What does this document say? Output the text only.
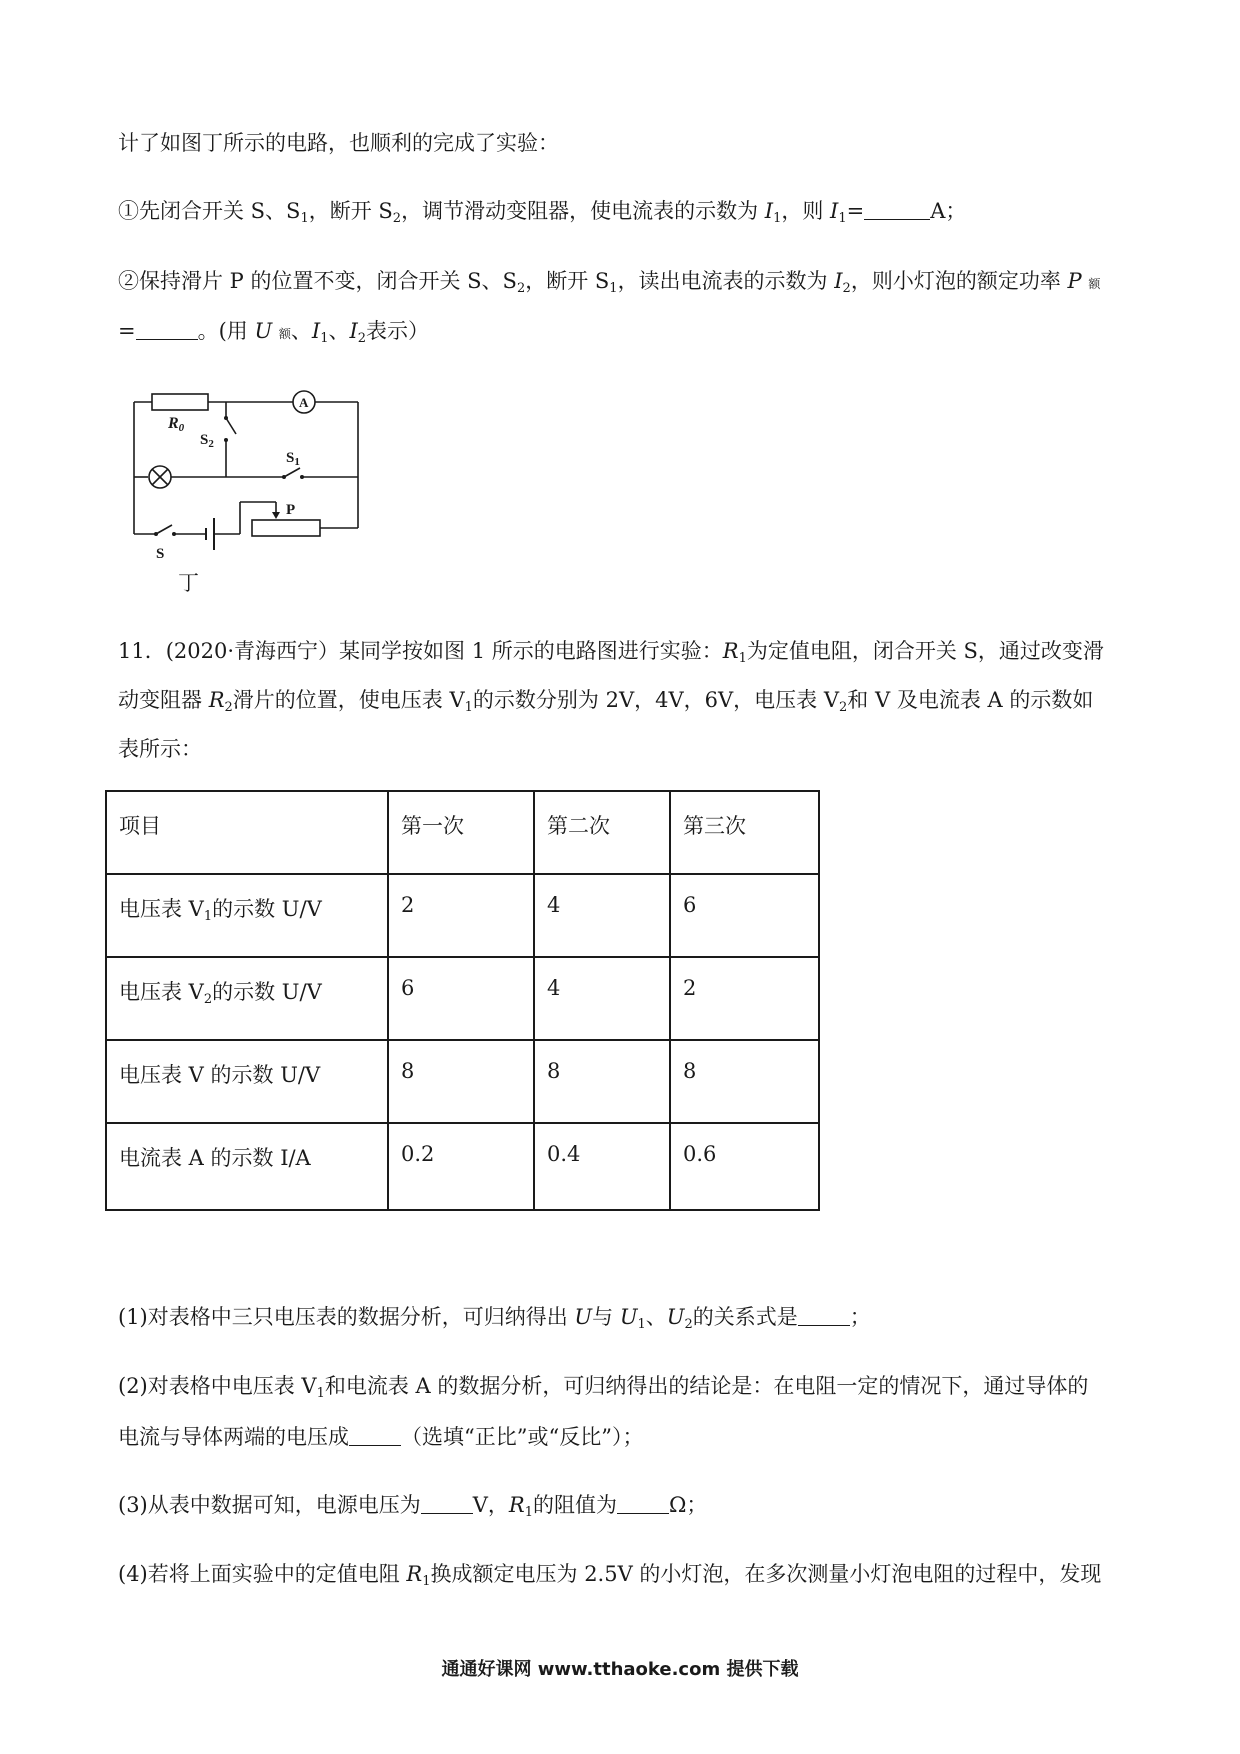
计了如图丁所示的电路，也顺利的完成了实验：
①先闭合开关 S、$S_1$，断开 $S_2$，调节滑动变阻器，使电流表的示数为 $I_1$，则 $I_1=$	A；
②保持滑片 P 的位置不变，闭合开关 S、$S_2$，断开 $S_1$，读出电流表的示数为 $I_2$，则小灯泡的额定功率 P 额
=	。(用 U 额、$I_1$、$I_2$表示）
R0
$S_2$
$S_1$
A
P
S
丁
11．(2020·青海西宁）某同学按如图 1 所示的电路图进行实验：$R_1$为定值电阻，闭合开关 S，通过改变滑
动变阻器 $R_2$滑片的位置，使电压表 $V_1$的示数分别为 2V，4V，6V，电压表 $V_2$和 V 及电流表 A 的示数如
表所示：
项目	第一次	第二次	第三次
电压表 $V_1$的示数 U/V	2	4	6
电压表 $V_2$的示数 U/V	6	4	2
电压表 V 的示数 U/V	8	8	8
电流表 A 的示数 I/A	0.2	0.4	0.6
(1)对表格中三只电压表的数据分析，可归纳得出 U与 $U_1$、$U_2$的关系式是 ；
(2)对表格中电压表 $V_1$和电流表 A 的数据分析，可归纳得出的结论是：在电阻一定的情况下，通过导体的
电流与导体两端的电压成 （选填“正比”或“反比”）；
(3)从表中数据可知，电源电压为 V，$R_1$的阻值为 Ω；
(4)若将上面实验中的定值电阻 $R_1$换成额定电压为 2.5V 的小灯泡，在多次测量小灯泡电阻的过程中，发现
通通好课网 www.tthaoke.com 提供下载
